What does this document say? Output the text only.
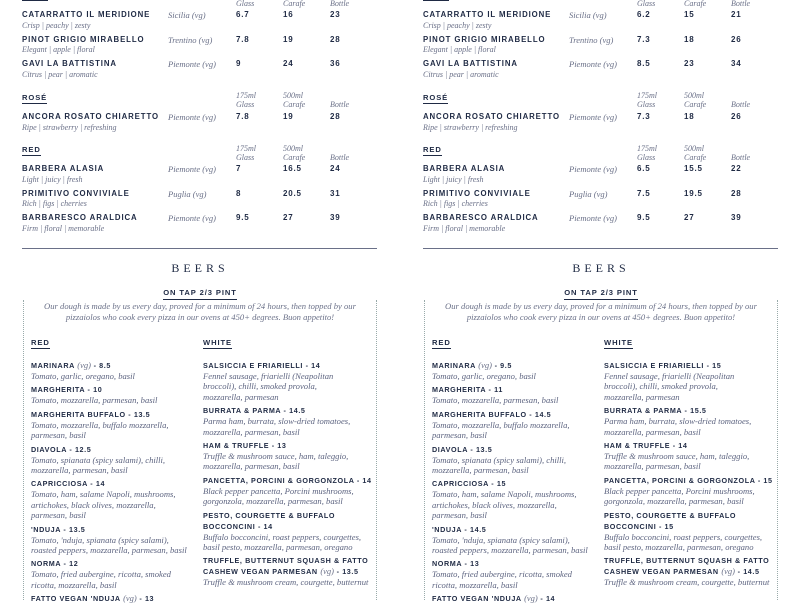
Glass	Carafe	Bottle
CATARRATTO IL MERIDIONE
Crisp | peachy | zesty
Sicilia (vg)	6.7	16	23
PINOT GRIGIO MIRABELLO
Elegant | apple | floral
Trentino (vg)	7.8	19	28
GAVI LA BATTISTINA
Citrus | pear | aromatic
Piemonte (vg)	9	24	36
ROSÉ	175ml	500ml
Glass	Carafe	Bottle
ANCORA ROSATO CHIARETTO
Ripe | strawberry | refreshing
Piemonte (vg)	7.8	19	28
RED	175ml	500ml
Glass	Carafe	Bottle
BARBERA ALASIA
Light | juicy | fresh
Piemonte (vg)	7	16.5	24
PRIMITIVO CONVIVIALE
Rich | figs | cherries
Puglia (vg)	8	20.5	31
BARBARESCO ARALDICA
Firm | floral | memorable
Piemonte (vg)	9.5	27	39
BEERS
ON TAP 2/3 PINT
Our dough is made by us every day, proved for a minimum of 24 hours, then topped by our pizzaiolos who cook every pizza in our ovens at 450+ degrees. Buon appetito!
RED
MARINARA (vg) - 8.5
Tomato, garlic, oregano, basil
MARGHERITA - 10
Tomato, mozzarella, parmesan, basil
MARGHERITA BUFFALO - 13.5
Tomato, mozzarella, buffalo mozzarella,
parmesan, basil
DIAVOLA - 12.5
Tomato, spianata (spicy salami), chilli,
mozzarella, parmesan, basil
CAPRICCIOSA - 14
Tomato, ham, salame Napoli, mushrooms,
artichokes, black olives, mozzarella,
parmesan, basil
'NDUJA - 13.5
Tomato, 'nduja, spianata (spicy salami),
roasted peppers, mozzarella, parmesan, basil
NORMA - 12
Tomato, fried aubergine, ricotta, smoked
ricotta, mozzarella, basil
FATTO VEGAN 'NDUJA (vg) - 13
WHITE
SALSICCIA E FRIARIELLI - 14
Fennel sausage, friarielli (Neapolitan
broccoli), chilli, smoked provola,
mozzarella, parmesan
BURRATA & PARMA - 14.5
Parma ham, burrata, slow-dried tomatoes,
mozzarella, parmesan, basil
HAM & TRUFFLE - 13
Truffle & mushroom sauce, ham, taleggio,
mozzarella, parmesan, basil
PANCETTA, PORCINI & GORGONZOLA - 14
Black pepper pancetta, Porcini mushrooms,
gorgonzola, mozzarella, parmesan, basil
PESTO, COURGETTE & BUFFALO BOCCONCINI - 14
Buffalo bocconcini, roast peppers, courgettes,
basil pesto, mozzarella, parmesan, oregano
TRUFFLE, BUTTERNUT SQUASH & FATTO CASHEW VEGAN PARMESAN (vg) - 13.5
Truffle & mushroom cream, courgette, butternut
Glass	Carafe	Bottle
CATARRATTO IL MERIDIONE
Crisp | peachy | zesty
Sicilia (vg)	6.2	15	21
PINOT GRIGIO MIRABELLO
Elegant | apple | floral
Trentino (vg)	7.3	18	26
GAVI LA BATTISTINA
Citrus | pear | aromatic
Piemonte (vg)	8.5	23	34
ROSÉ	175ml	500ml
Glass	Carafe	Bottle
ANCORA ROSATO CHIARETTO
Ripe | strawberry | refreshing
Piemonte (vg)	7.3	18	26
RED	175ml	500ml
Glass	Carafe	Bottle
BARBERA ALASIA
Light | juicy | fresh
Piemonte (vg)	6.5	15.5	22
PRIMITIVO CONVIVIALE
Rich | figs | cherries
Puglia (vg)	7.5	19.5	28
BARBARESCO ARALDICA
Firm | floral | memorable
Piemonte (vg)	9.5	27	39
BEERS
ON TAP 2/3 PINT
Our dough is made by us every day, proved for a minimum of 24 hours, then topped by our pizzaiolos who cook every pizza in our ovens at 450+ degrees. Buon appetito!
RED
MARINARA (vg) - 9.5
Tomato, garlic, oregano, basil
MARGHERITA - 11
Tomato, mozzarella, parmesan, basil
MARGHERITA BUFFALO - 14.5
Tomato, mozzarella, buffalo mozzarella,
parmesan, basil
DIAVOLA - 13.5
Tomato, spianata (spicy salami), chilli,
mozzarella, parmesan, basil
CAPRICCIOSA - 15
Tomato, ham, salame Napoli, mushrooms,
artichokes, black olives, mozzarella,
parmesan, basil
'NDUJA - 14.5
Tomato, 'nduja, spianata (spicy salami),
roasted peppers, mozzarella, parmesan, basil
NORMA - 13
Tomato, fried aubergine, ricotta, smoked
ricotta, mozzarella, basil
FATTO VEGAN 'NDUJA (vg) - 14
WHITE
SALSICCIA E FRIARIELLI - 15
Fennel sausage, friarielli (Neapolitan
broccoli), chilli, smoked provola,
mozzarella, parmesan
BURRATA & PARMA - 15.5
Parma ham, burrata, slow-dried tomatoes,
mozzarella, parmesan, basil
HAM & TRUFFLE - 14
Truffle & mushroom sauce, ham, taleggio,
mozzarella, parmesan, basil
PANCETTA, PORCINI & GORGONZOLA - 15
Black pepper pancetta, Porcini mushrooms,
gorgonzola, mozzarella, parmesan, basil
PESTO, COURGETTE & BUFFALO BOCCONCINI - 15
Buffalo bocconcini, roast peppers, courgettes,
basil pesto, mozzarella, parmesan, oregano
TRUFFLE, BUTTERNUT SQUASH & FATTO CASHEW VEGAN PARMESAN (vg) - 14.5
Truffle & mushroom cream, courgette, butternut
